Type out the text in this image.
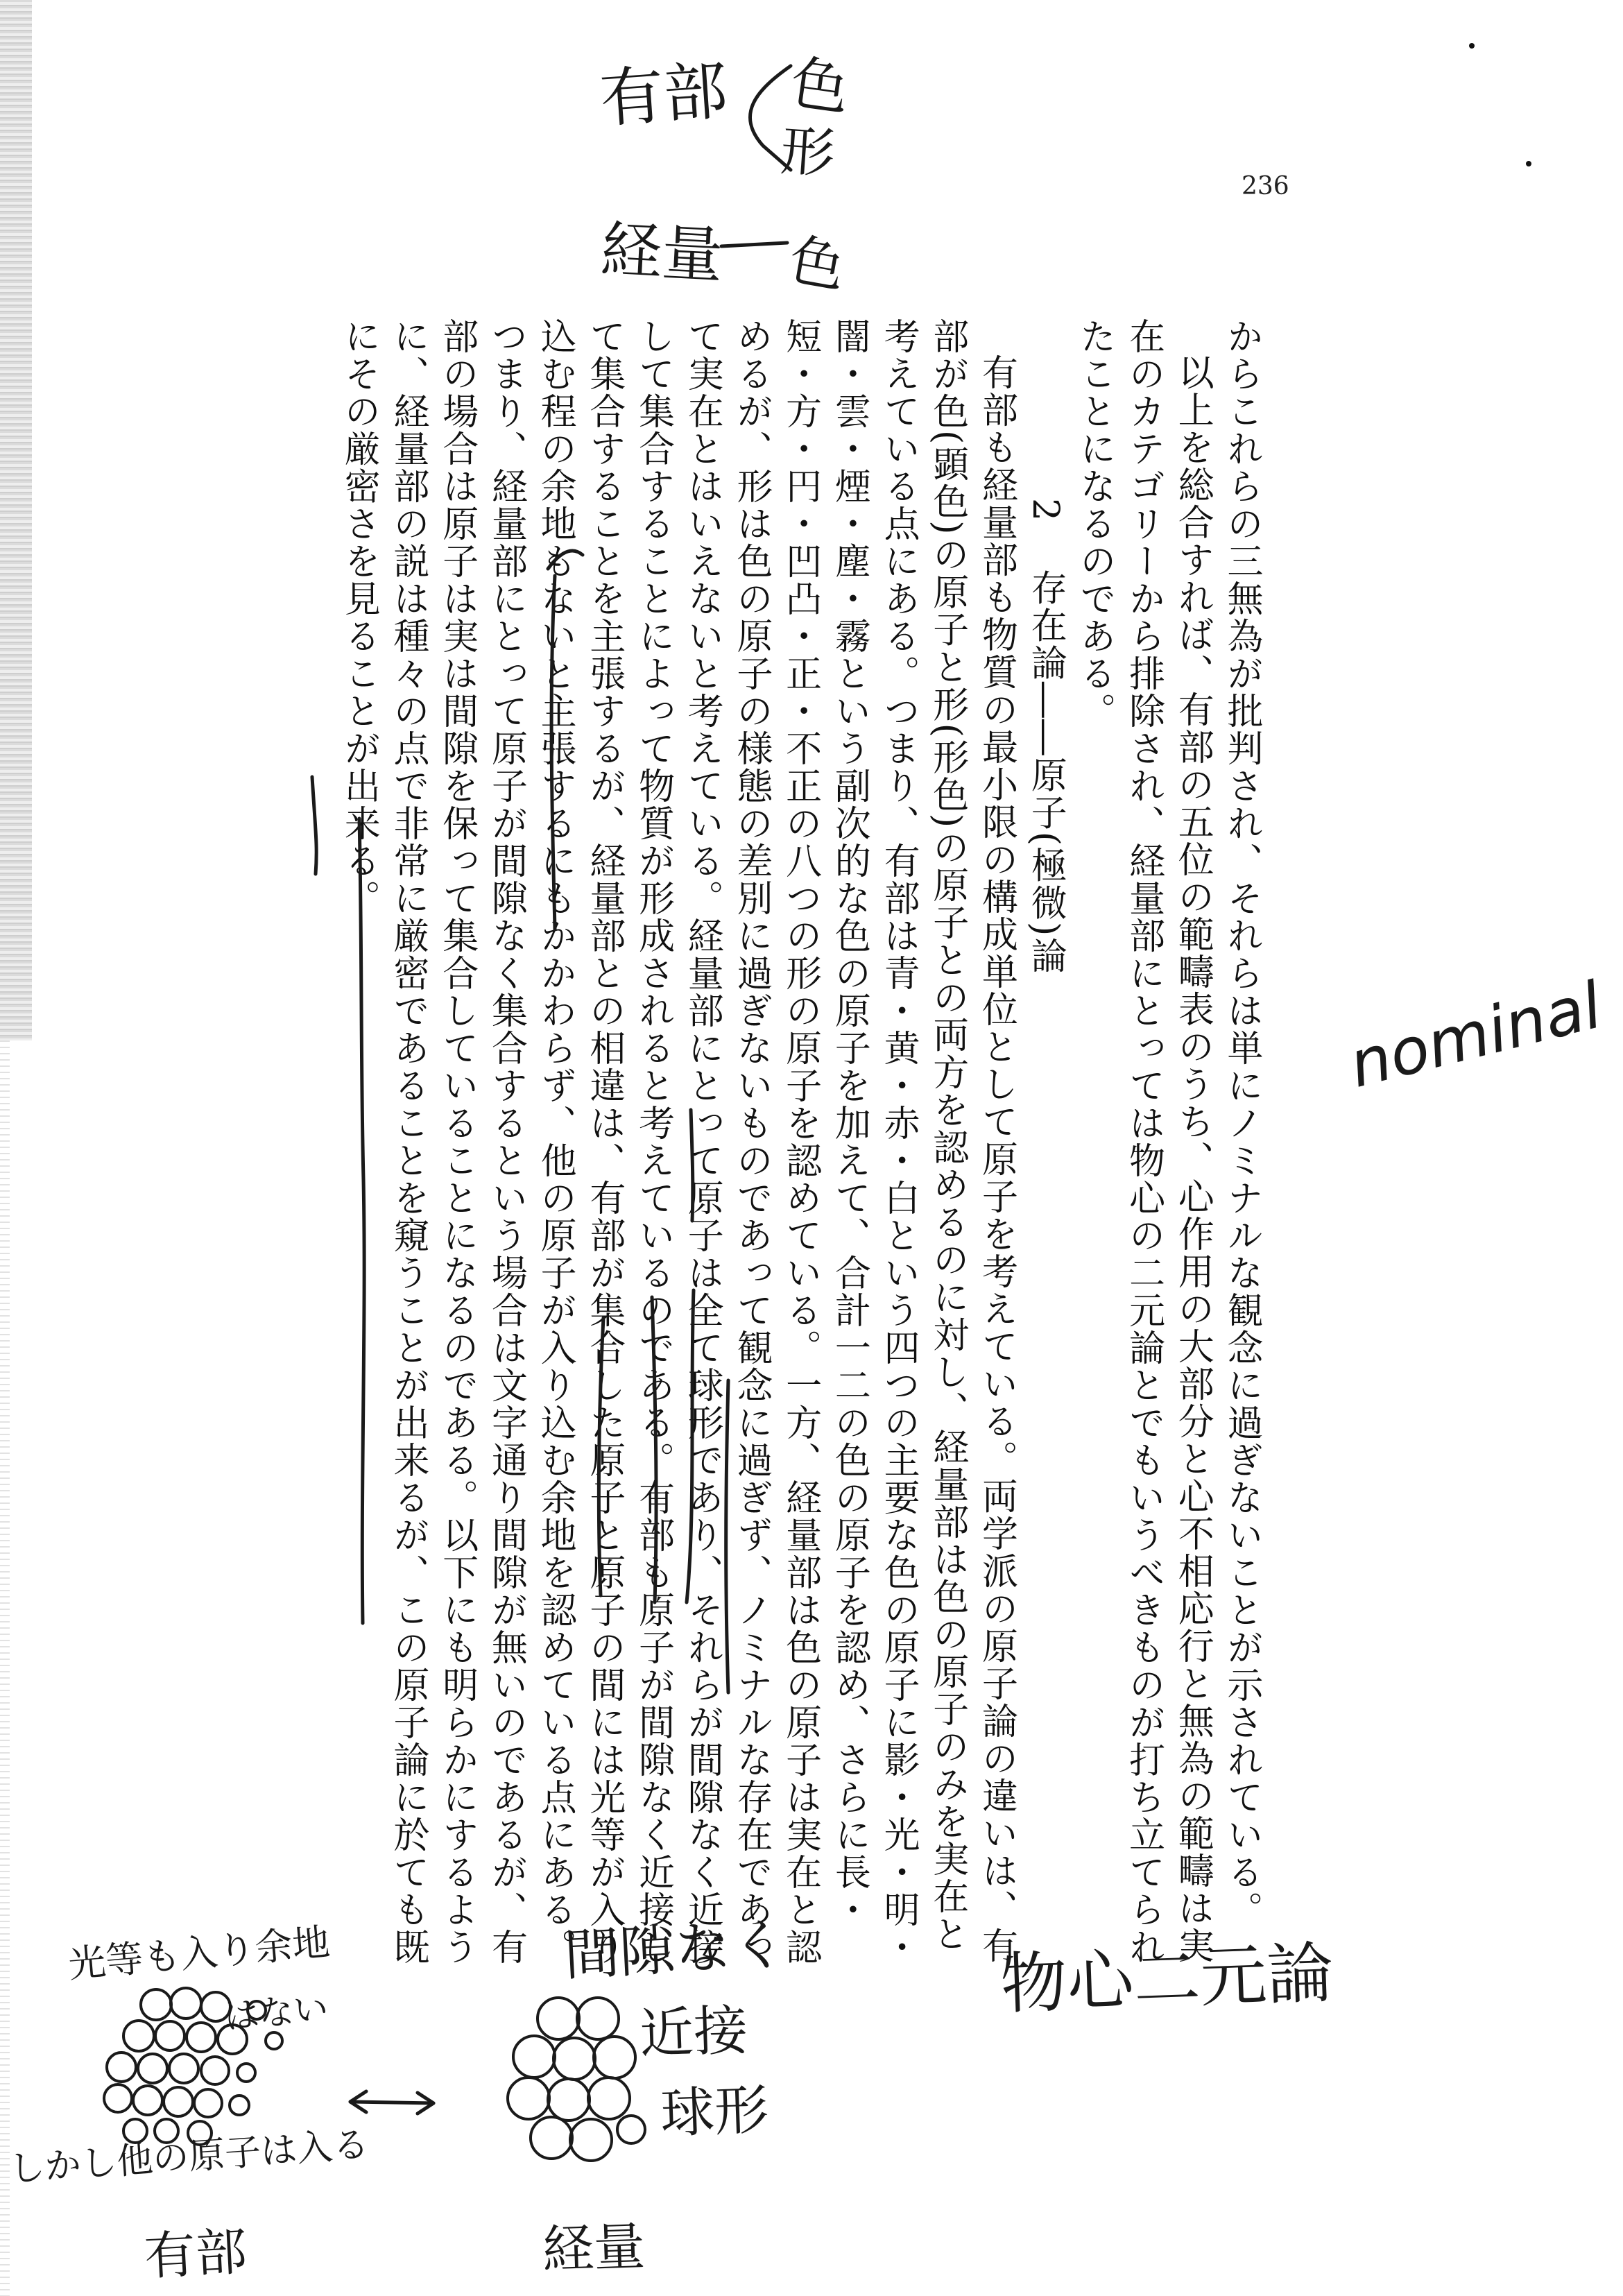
236

からこれらの三無為が批判され、それらは単にノミナルな観念に過ぎないことが示されている。

以上を総合すれば、有部の五位の範疇表のうち、心作用の大部分と心不相応行と無為の範疇は実在のカテゴリーから排除され、経量部にとっては物心の二元論とでもいうべきものが打ち立てられたことになるのである。

2存在論――原子(極微)論

有部も経量部も物質の最小限の構成単位として原子を考えている。両学派の原子論の違いは、有部が色(顕色)の原子と形(形色)の原子との両方を認めるのに対し、経量部は色の原子のみを実在と考えている点にある。つまり、有部は青・黄・赤・白という四つの主要な色の原子に影・光・明・闇・雲・煙・塵・霧という副次的な色の原子を加えて、合計一二の色の原子を認め、さらに長・短・方・円・凹凸・正・不正の八つの形の原子を認めている。一方、経量部は色の原子は実在と認めるが、形は色の原子の様態の差別に過ぎないものであって観念に過ぎず、ノミナルな存在であって実在とはいえないと考えている。経量部にとって原子は全て球形であり、それらが間隙なく近接して集合することによって物質が形成されると考えているのである。有部も原子が間隙なく近接して集合することを主張するが、経量部との相違は、有部が集合した原子と原子の間には光等が入り込む程の余地もないと主張するにもかかわらず、他の原子が入り込む余地を認めている点にある。つまり、経量部にとって原子が間隙なく集合するという場合は文字通り間隙が無いのであるが、有部の場合は原子は実は間隙を保って集合していることになるのである。以下にも明らかにするように、経量部の説は種々の点で非常に厳密であることを窺うことが出来るが、この原子論に於ても既にその厳密さを見ることが出来る。

有部 色
形
経量 色
nominal
物心二元論
間隙なく
近接
球形
光等も入り余地
はない
しかし他の原子は入る
有部	経量
